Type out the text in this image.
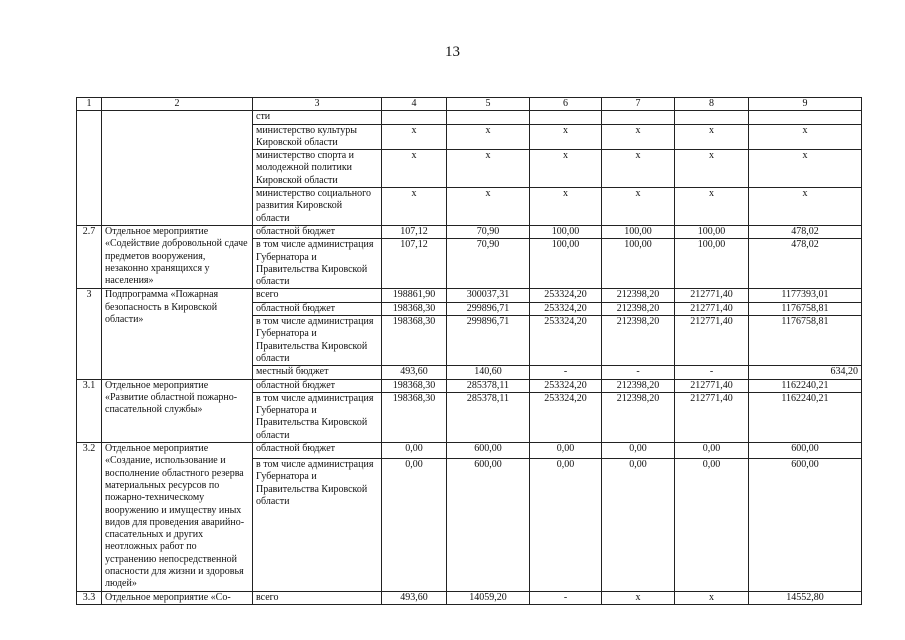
13
1	2	3	4	5	6	7	8	9
		сти						
		министерство культуры Кировской области	x	x	x	x	x	x
		министерство спорта и молодежной политики Кировской области	x	x	x	x	x	x
		министерство социального развития Кировской области	x	x	x	x	x	x
2.7	Отдельное мероприятие «Содействие добровольной сдаче предметов вооружения, незаконно хранящихся у населения»	областной бюджет	107,12	70,90	100,00	100,00	100,00	478,02
		в том числе администрация Губернатора и Правительства Кировской области	107,12	70,90	100,00	100,00	100,00	478,02
3	Подпрограмма «Пожарная безопасность в Кировской области»	всего	198861,90	300037,31	253324,20	212398,20	212771,40	1177393,01
		областной бюджет	198368,30	299896,71	253324,20	212398,20	212771,40	1176758,81
		в том числе администрация Губернатора и Правительства Кировской области	198368,30	299896,71	253324,20	212398,20	212771,40	1176758,81
		местный бюджет	493,60	140,60	-	-	-	634,20
3.1	Отдельное мероприятие «Развитие областной пожарно-спасательной службы»	областной бюджет	198368,30	285378,11	253324,20	212398,20	212771,40	1162240,21
		в том числе администрация Губернатора и Правительства Кировской области	198368,30	285378,11	253324,20	212398,20	212771,40	1162240,21
3.2	Отдельное мероприятие «Создание, использование и восполнение областного резерва материальных ресурсов по пожарно-техническому вооружению и имуществу иных видов для проведения аварийно-спасательных и других неотложных работ по устранению непосредственной опасности для жизни и здоровья людей»	областной бюджет	0,00	600,00	0,00	0,00	0,00	600,00
		в том числе администрация Губернатора и Правительства Кировской области	0,00	600,00	0,00	0,00	0,00	600,00
3.3	Отдельное мероприятие «Со-	всего	493,60	14059,20	-	x	x	14552,80
